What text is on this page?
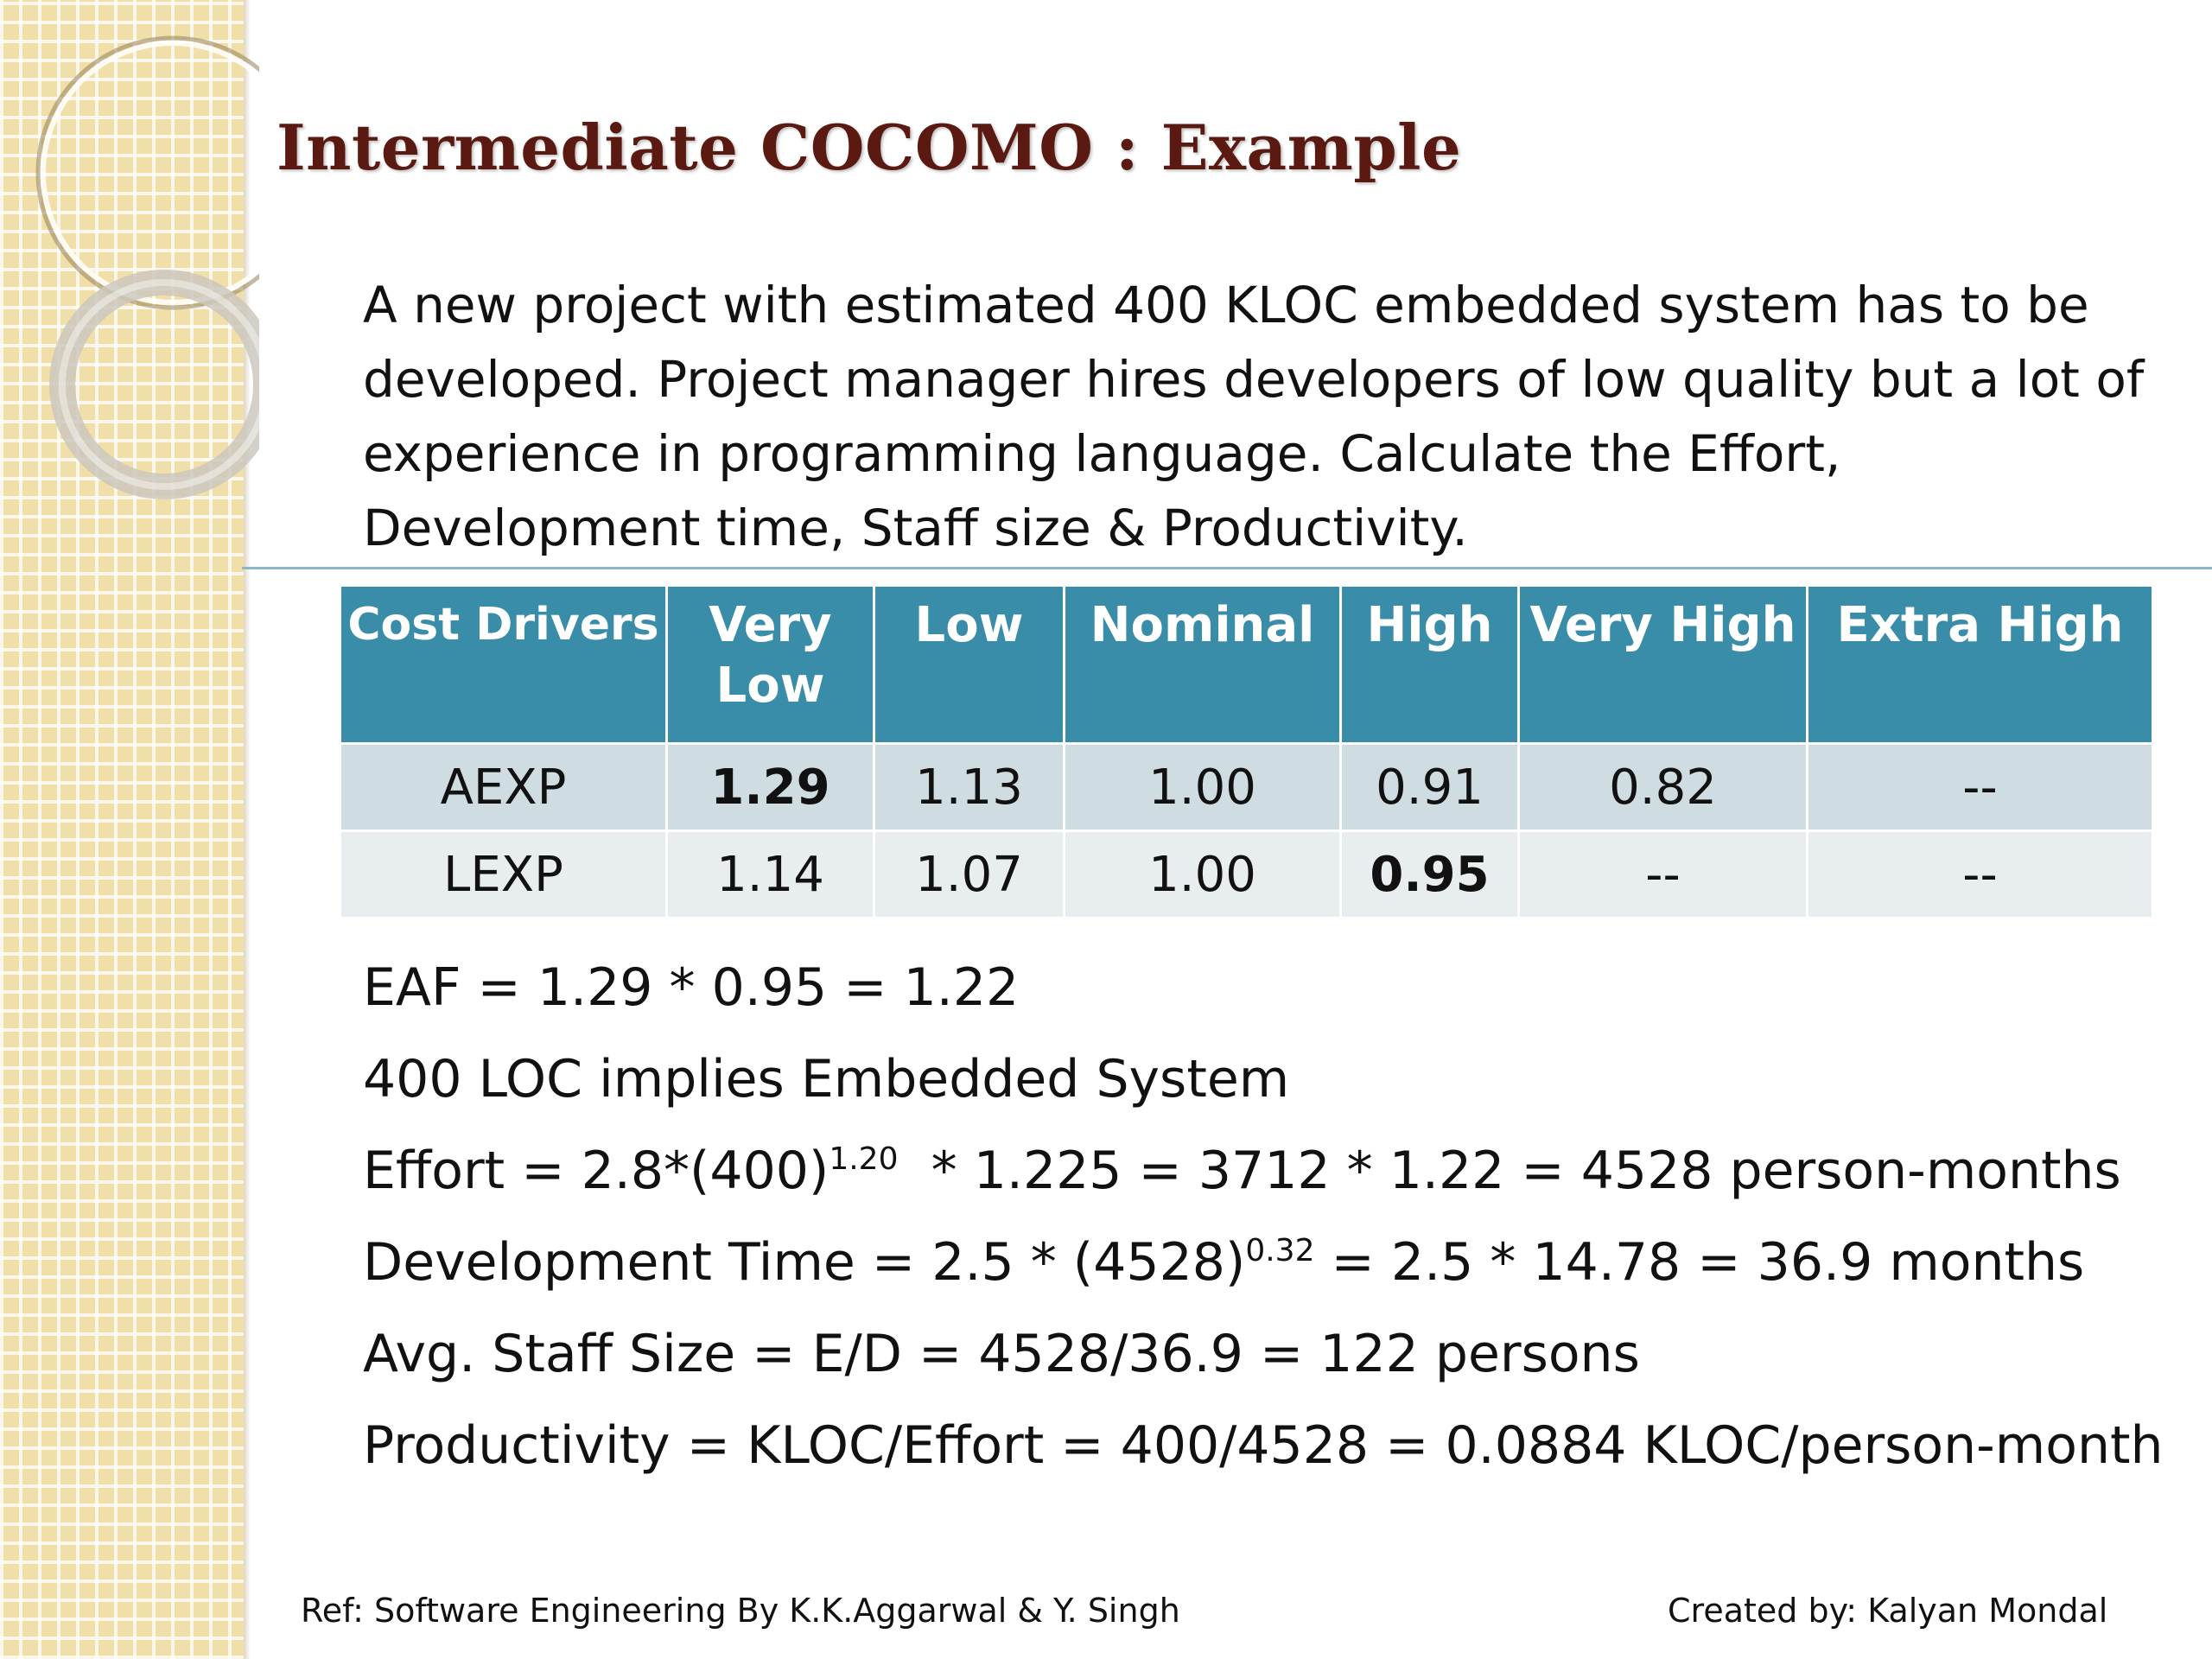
Intermediate COCOMO : Example

A new project with estimated 400 KLOC embedded system has to be developed. Project manager hires developers of low quality but a lot of experience in programming language. Calculate the Effort, Development time, Staff size & Productivity.

Cost Drivers	Very Low	Low	Nominal	High	Very High	Extra High
AEXP	1.29	1.13	1.00	0.91	0.82	--
LEXP	1.14	1.07	1.00	0.95	--	--
EAF = 1.29 * 0.95 = 1.22
400 LOC implies Embedded System
Effort = $2.8*(400)^{1.20} * 1.225 = 3712 * 1.22 = 4528$ person-months
Development Time = $2.5 * (4528)^{0.32} = 2.5 * 14.78 = 36.9$ months
Avg. Staff Size = E/D = 4528/36.9 = 122 persons
Productivity = KLOC/Effort = 400/4528 = 0.0884 KLOC/person-month
Ref: Software Engineering By K.K.Aggarwal & Y. Singh	Created by: Kalyan Mondal
